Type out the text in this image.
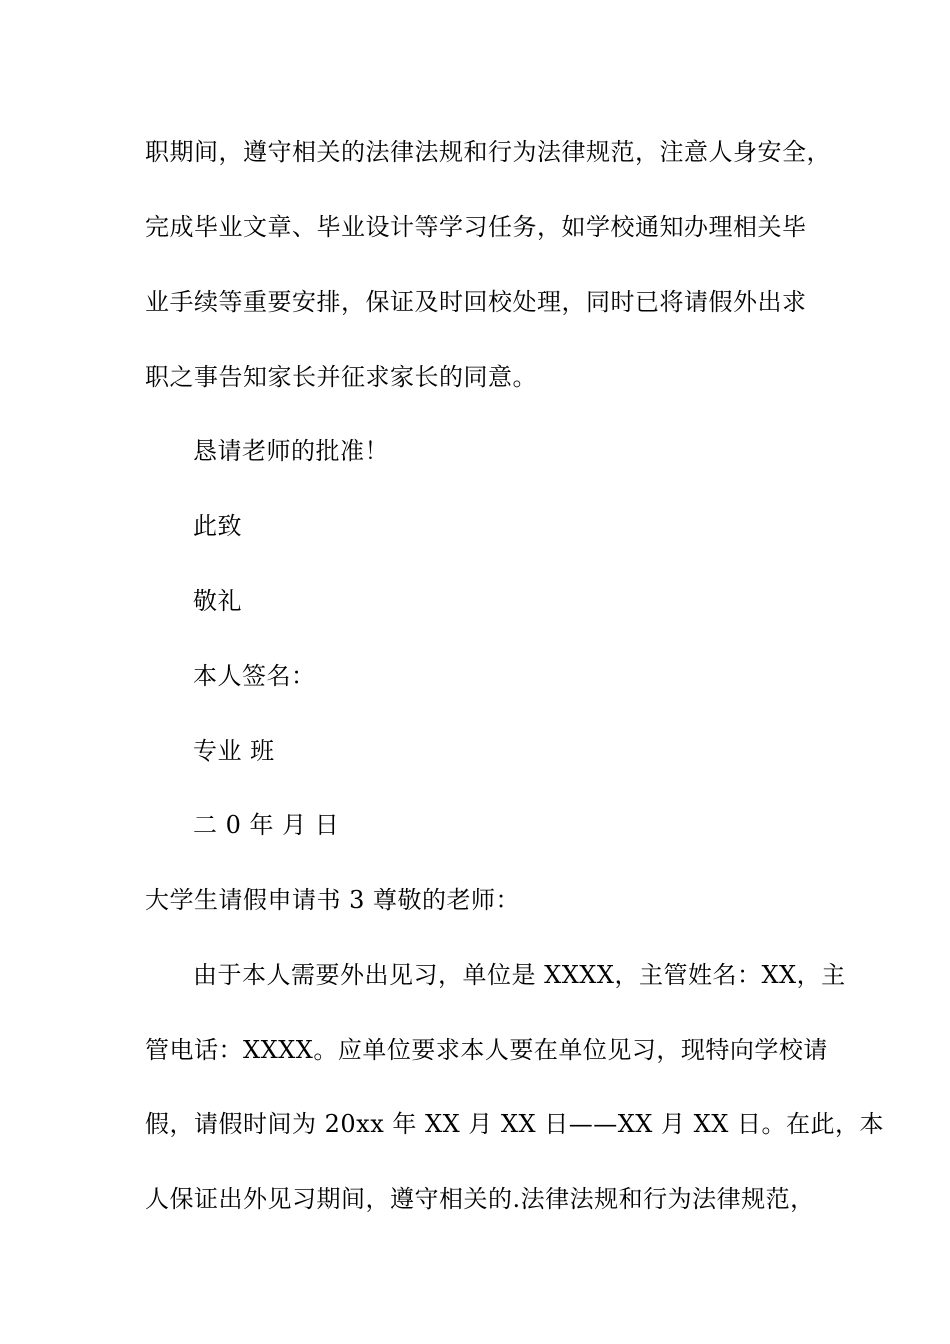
职期间，遵守相关的法律法规和行为法律规范，注意人身安全，
完成毕业文章、毕业设计等学习任务，如学校通知办理相关毕
业手续等重要安排，保证及时回校处理，同时已将请假外出求
职之事告知家长并征求家长的同意。
恳请老师的批准！
此致
敬礼
本人签名：
专业 班
二 0 年 月 日
大学生请假申请书 3 尊敬的老师：
由于本人需要外出见习，单位是 XXXX，主管姓名：XX，主
管电话：XXXX。应单位要求本人要在单位见习，现特向学校请
假，请假时间为 20xx 年 XX 月 XX 日——XX 月 XX 日。在此，本
人保证出外见习期间，遵守相关的.法律法规和行为法律规范，
